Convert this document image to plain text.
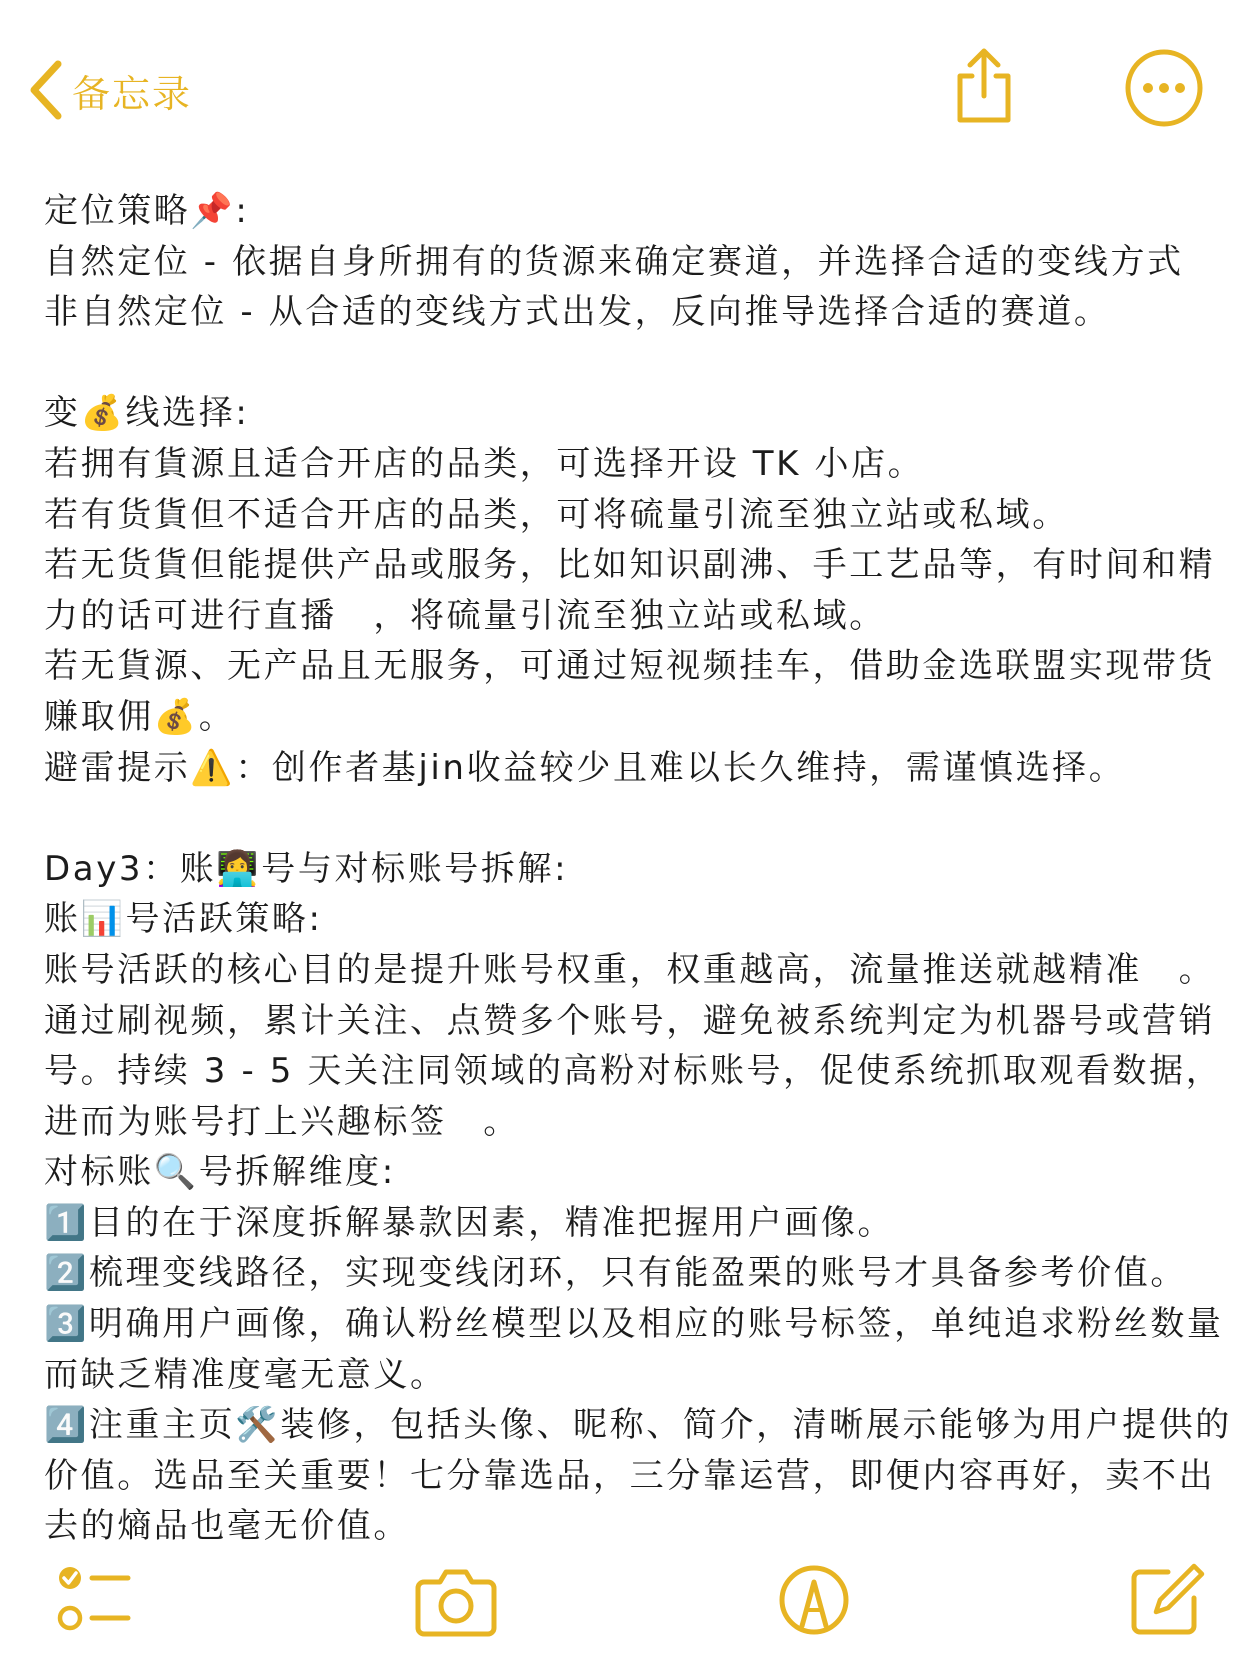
备忘录
定位策略📌:
自然定位 - 依据自身所拥有的货源来确定赛道，并选择合适的变线方式
非自然定位 - 从合适的变线方式出发，反向推导选择合适的赛道。
变💰线选择:
若拥有貨源且适合开店的品类，可选择开设 TK 小店。
若有货貨但不适合开店的品类，可将硫量引流至独立站或私域。
若无货貨但能提供产品或服务，比如知识副沸、手工艺品等，有时间和精
力的话可进行直播　，将硫量引流至独立站或私域。
若无貨源、无产品且无服务，可通过短视频挂车，借助金选联盟实现带货
赚取佣💰。
避雷提示⚠️：创作者基jin收益较少且难以长久维持，需谨慎选择。
Day3：账👩‍💻号与对标账号拆解:
账📊号活跃策略:
账号活跃的核心目的是提升账号权重，权重越高，流量推送就越精准　。
通过刷视频，累计关注、点赞多个账号，避免被系统判定为机器号或营销
号。持续 3 - 5 天关注同领域的高粉对标账号，促使系统抓取观看数据，
进而为账号打上兴趣标签　。
对标账🔍号拆解维度:
1️⃣目的在于深度拆解暴款因素，精准把握用户画像。
2️⃣梳理变线路径，实现变线闭环，只有能盈栗的账号才具备参考价值。
3️⃣明确用户画像，确认粉丝模型以及相应的账号标签，单纯追求粉丝数量
而缺乏精准度毫无意义。
4️⃣注重主页🛠️装修，包括头像、昵称、简介，清晰展示能够为用户提供的
价值。选品至关重要！七分靠选品，三分靠运营，即便内容再好，卖不出
去的熵品也毫无价值。
